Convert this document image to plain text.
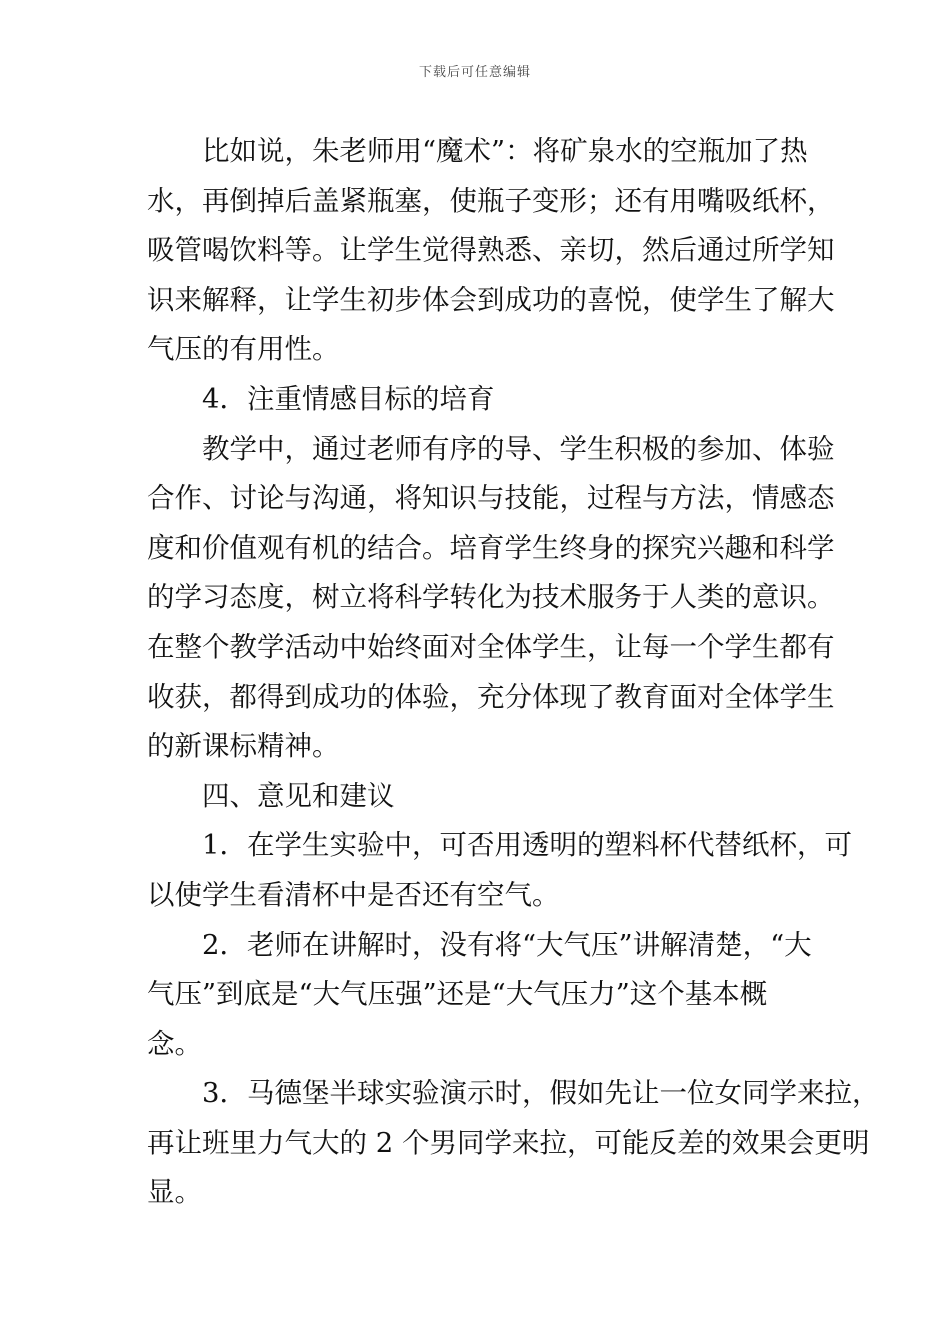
下载后可任意编辑

比如说，朱老师用“魔术”：将矿泉水的空瓶加了热

水，再倒掉后盖紧瓶塞，使瓶子变形；还有用嘴吸纸杯，

吸管喝饮料等。让学生觉得熟悉、亲切，然后通过所学知

识来解释，让学生初步体会到成功的喜悦，使学生了解大

气压的有用性。

4．注重情感目标的培育

教学中，通过老师有序的导、学生积极的参加、体验

合作、讨论与沟通，将知识与技能，过程与方法，情感态

度和价值观有机的结合。培育学生终身的探究兴趣和科学

的学习态度，树立将科学转化为技术服务于人类的意识。

在整个教学活动中始终面对全体学生，让每一个学生都有

收获，都得到成功的体验，充分体现了教育面对全体学生

的新课标精神。

四、意见和建议

1．在学生实验中，可否用透明的塑料杯代替纸杯，可

以使学生看清杯中是否还有空气。

2．老师在讲解时，没有将“大气压”讲解清楚，“大

气压”到底是“大气压强”还是“大气压力”这个基本概

念。

3．马德堡半球实验演示时，假如先让一位女同学来拉，

再让班里力气大的 2 个男同学来拉，可能反差的效果会更明

显。
